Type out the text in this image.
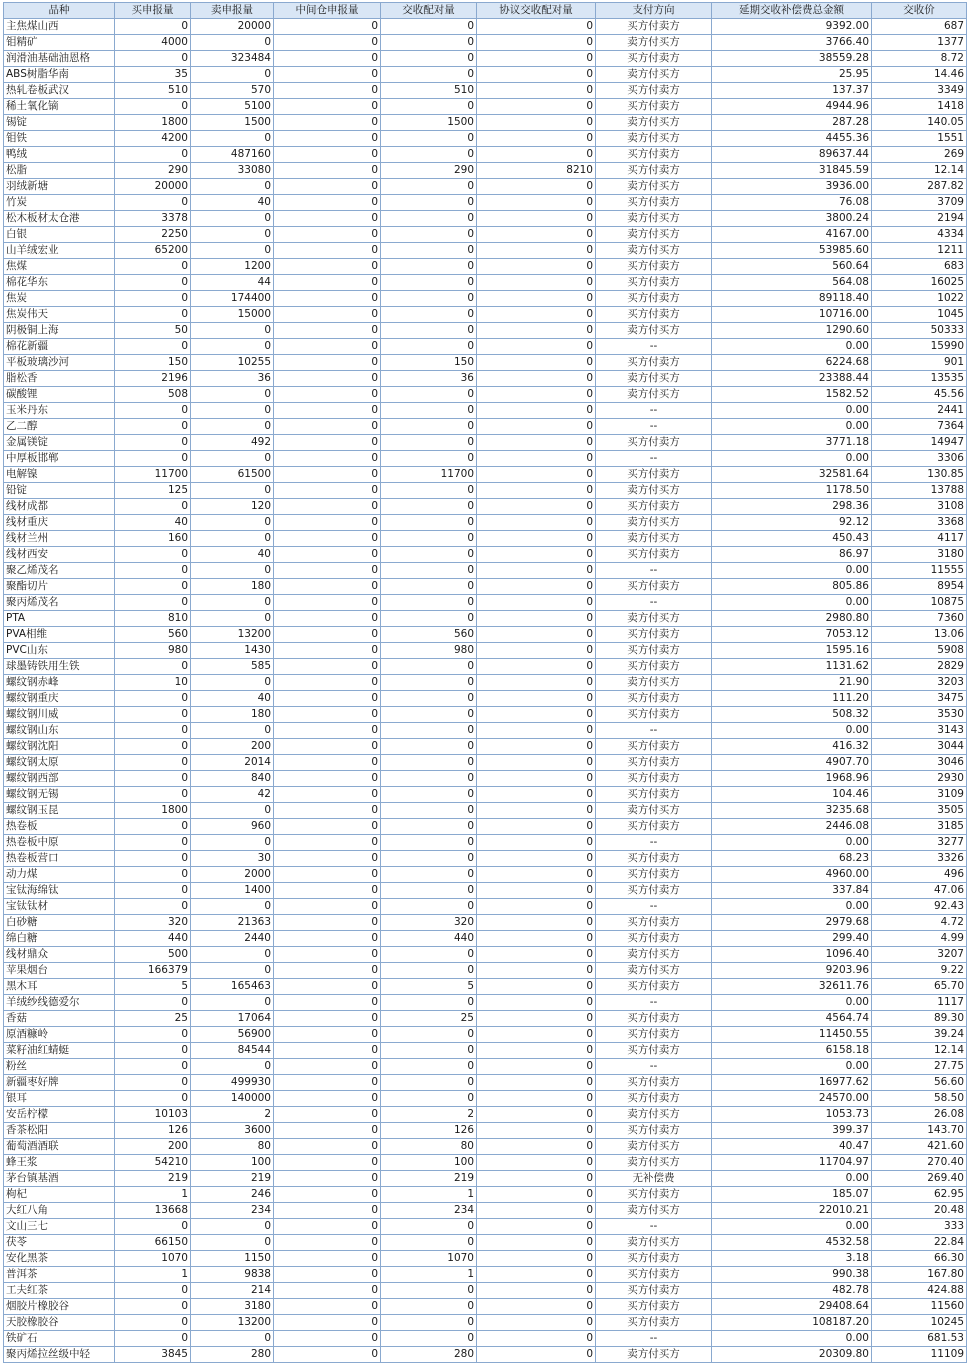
品种	买申报量	卖申报量	中间仓申报量	交收配对量	协议交收配对量	支付方向	延期交收补偿费总金额	交收价
主焦煤山西	0	20000	0	0	0	买方付卖方	9392.00	687
钼精矿	4000	0	0	0	0	卖方付买方	3766.40	1377
润滑油基础油恩格	0	323484	0	0	0	买方付卖方	38559.28	8.72
ABS树脂华南	35	0	0	0	0	卖方付买方	25.95	14.46
热轧卷板武汉	510	570	0	510	0	买方付卖方	137.37	3349
稀土氧化镝	0	5100	0	0	0	买方付卖方	4944.96	1418
锡锭	1800	1500	0	1500	0	卖方付买方	287.28	140.05
钼铁	4200	0	0	0	0	卖方付买方	4455.36	1551
鸭绒	0	487160	0	0	0	买方付卖方	89637.44	269
松脂	290	33080	0	290	8210	买方付卖方	31845.59	12.14
羽绒新塘	20000	0	0	0	0	卖方付买方	3936.00	287.82
竹炭	0	40	0	0	0	买方付卖方	76.08	3709
松木板材太仓港	3378	0	0	0	0	卖方付买方	3800.24	2194
白银	2250	0	0	0	0	卖方付买方	4167.00	4334
山羊绒宏业	65200	0	0	0	0	卖方付买方	53985.60	1211
焦煤	0	1200	0	0	0	买方付卖方	560.64	683
棉花华东	0	44	0	0	0	买方付卖方	564.08	16025
焦炭	0	174400	0	0	0	买方付卖方	89118.40	1022
焦炭伟天	0	15000	0	0	0	买方付卖方	10716.00	1045
阴极铜上海	50	0	0	0	0	卖方付买方	1290.60	50333
棉花新疆	0	0	0	0	0	--	0.00	15990
平板玻璃沙河	150	10255	0	150	0	买方付卖方	6224.68	901
脂松香	2196	36	0	36	0	卖方付买方	23388.44	13535
碳酸锂	508	0	0	0	0	卖方付买方	1582.52	45.56
玉米丹东	0	0	0	0	0	--	0.00	2441
乙二醇	0	0	0	0	0	--	0.00	7364
金属镁锭	0	492	0	0	0	买方付卖方	3771.18	14947
中厚板邯郸	0	0	0	0	0	--	0.00	3306
电解镍	11700	61500	0	11700	0	买方付卖方	32581.64	130.85
铅锭	125	0	0	0	0	卖方付买方	1178.50	13788
线材成都	0	120	0	0	0	买方付卖方	298.36	3108
线材重庆	40	0	0	0	0	卖方付买方	92.12	3368
线材兰州	160	0	0	0	0	卖方付买方	450.43	4117
线材西安	0	40	0	0	0	买方付卖方	86.97	3180
聚乙烯茂名	0	0	0	0	0	--	0.00	11555
聚酯切片	0	180	0	0	0	买方付卖方	805.86	8954
聚丙烯茂名	0	0	0	0	0	--	0.00	10875
PTA	810	0	0	0	0	卖方付买方	2980.80	7360
PVA相维	560	13200	0	560	0	买方付卖方	7053.12	13.06
PVC山东	980	1430	0	980	0	买方付卖方	1595.16	5908
球墨铸铁用生铁	0	585	0	0	0	买方付卖方	1131.62	2829
螺纹钢赤峰	10	0	0	0	0	卖方付买方	21.90	3203
螺纹钢重庆	0	40	0	0	0	买方付卖方	111.20	3475
螺纹钢川威	0	180	0	0	0	买方付卖方	508.32	3530
螺纹钢山东	0	0	0	0	0	--	0.00	3143
螺纹钢沈阳	0	200	0	0	0	买方付卖方	416.32	3044
螺纹钢太原	0	2014	0	0	0	买方付卖方	4907.70	3046
螺纹钢西部	0	840	0	0	0	买方付卖方	1968.96	2930
螺纹钢无锡	0	42	0	0	0	买方付卖方	104.46	3109
螺纹钢玉昆	1800	0	0	0	0	卖方付买方	3235.68	3505
热卷板	0	960	0	0	0	买方付卖方	2446.08	3185
热卷板中原	0	0	0	0	0	--	0.00	3277
热卷板营口	0	30	0	0	0	买方付卖方	68.23	3326
动力煤	0	2000	0	0	0	买方付卖方	4960.00	496
宝钛海绵钛	0	1400	0	0	0	买方付卖方	337.84	47.06
宝钛钛材	0	0	0	0	0	--	0.00	92.43
白砂糖	320	21363	0	320	0	买方付卖方	2979.68	4.72
绵白糖	440	2440	0	440	0	买方付卖方	299.40	4.99
线材鼎众	500	0	0	0	0	卖方付买方	1096.40	3207
苹果烟台	166379	0	0	0	0	卖方付买方	9203.96	9.22
黑木耳	5	165463	0	5	0	买方付卖方	32611.76	65.70
羊绒纱线德爱尔	0	0	0	0	0	--	0.00	1117
香菇	25	17064	0	25	0	买方付卖方	4564.74	89.30
原酒糠岭	0	56900	0	0	0	买方付卖方	11450.55	39.24
菜籽油红蜻蜓	0	84544	0	0	0	买方付卖方	6158.18	12.14
粉丝	0	0	0	0	0	--	0.00	27.75
新疆枣好牌	0	499930	0	0	0	买方付卖方	16977.62	56.60
银耳	0	140000	0	0	0	买方付卖方	24570.00	58.50
安岳柠檬	10103	2	0	2	0	卖方付买方	1053.73	26.08
香茶松阳	126	3600	0	126	0	买方付卖方	399.37	143.70
葡萄酒酒联	200	80	0	80	0	卖方付买方	40.47	421.60
蜂王浆	54210	100	0	100	0	卖方付买方	11704.97	270.40
茅台镇基酒	219	219	0	219	0	无补偿费	0.00	269.40
枸杞	1	246	0	1	0	买方付卖方	185.07	62.95
大红八角	13668	234	0	234	0	卖方付买方	22010.21	20.48
文山三七	0	0	0	0	0	--	0.00	333
茯苓	66150	0	0	0	0	卖方付买方	4532.58	22.84
安化黑茶	1070	1150	0	1070	0	买方付卖方	3.18	66.30
普洱茶	1	9838	0	1	0	买方付卖方	990.38	167.80
工夫红茶	0	214	0	0	0	买方付卖方	482.78	424.88
烟胶片橡胶谷	0	3180	0	0	0	买方付卖方	29408.64	11560
天胶橡胶谷	0	13200	0	0	0	买方付卖方	108187.20	10245
铁矿石	0	0	0	0	0	--	0.00	681.53
聚丙烯拉丝级中轻	3845	280	0	280	0	卖方付买方	20309.80	11109
